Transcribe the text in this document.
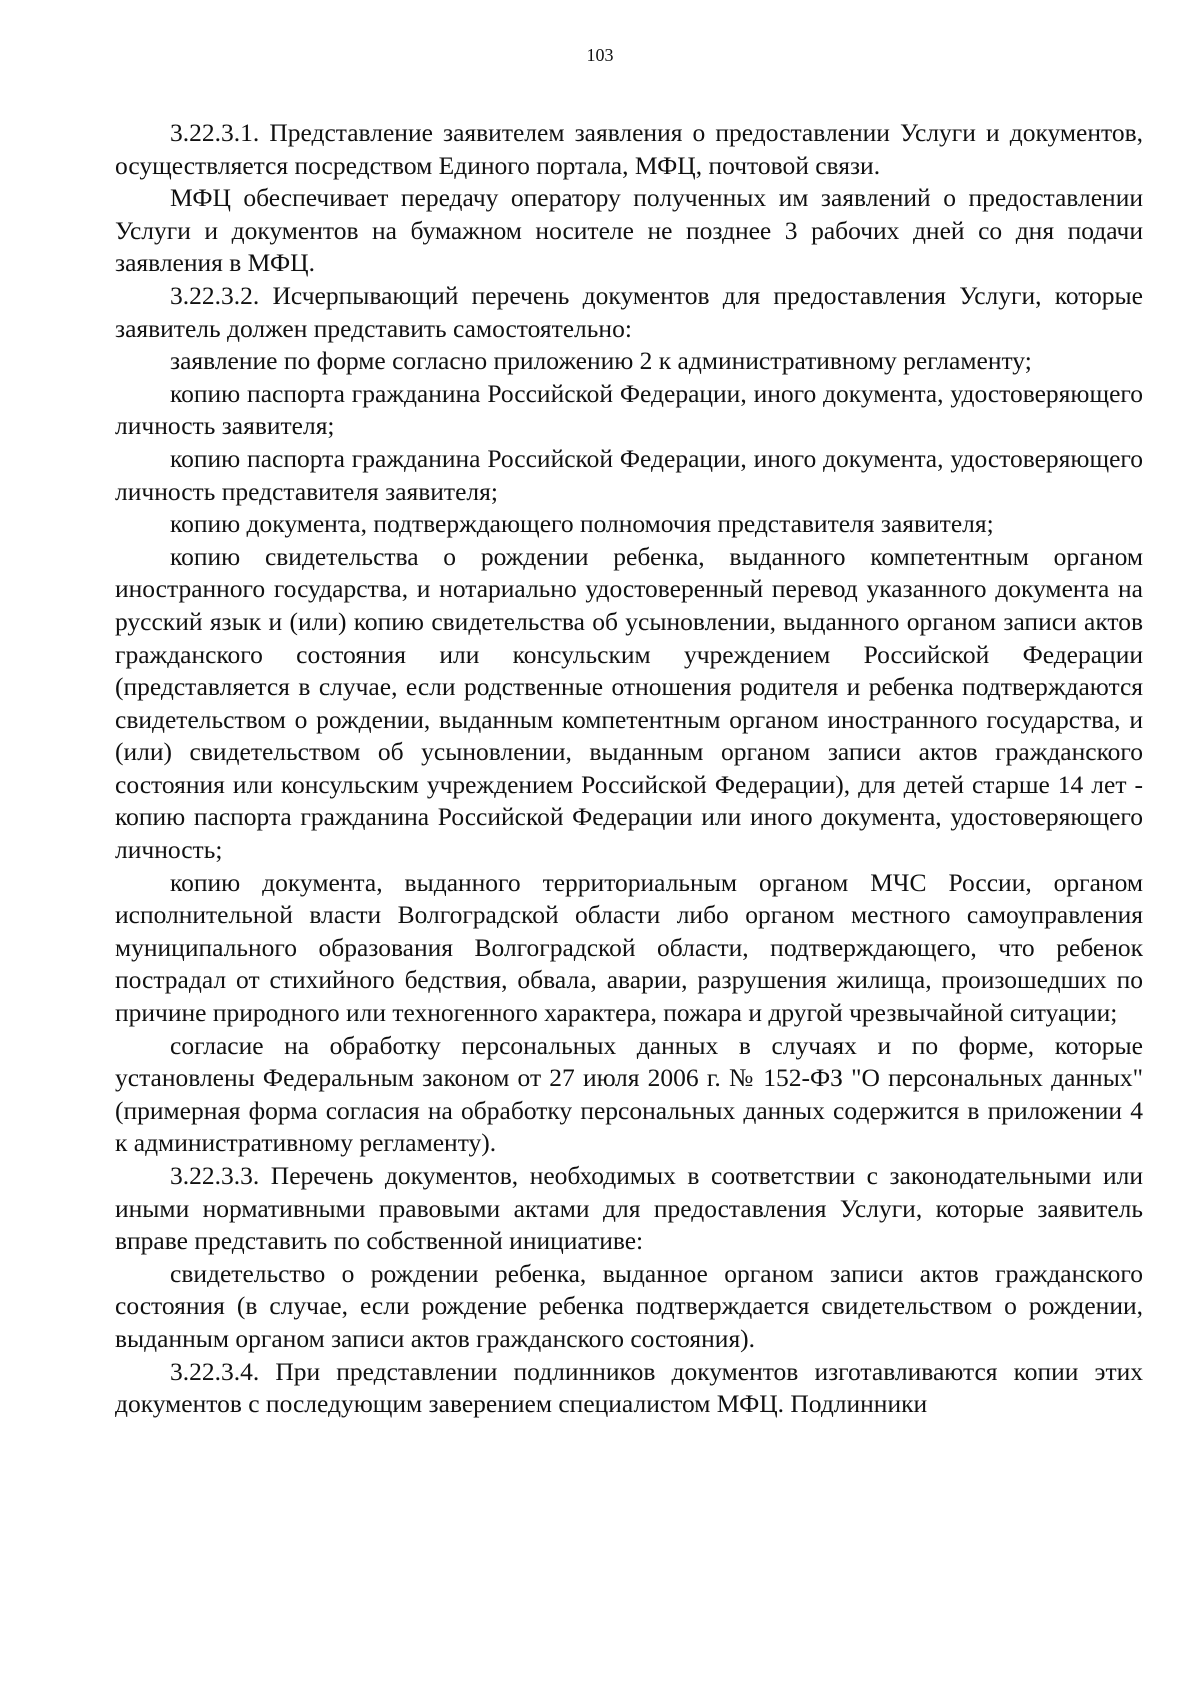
103

3.22.3.1. Представление заявителем заявления о предоставлении Услуги и документов, осуществляется посредством Единого портала, МФЦ, почтовой связи.

МФЦ обеспечивает передачу оператору полученных им заявлений о предоставлении Услуги и документов на бумажном носителе не позднее 3 рабочих дней со дня подачи заявления в МФЦ.

3.22.3.2. Исчерпывающий перечень документов для предоставления Услуги, которые заявитель должен представить самостоятельно:

заявление по форме согласно приложению 2 к административному регламенту;

копию паспорта гражданина Российской Федерации, иного документа, удостоверяющего личность заявителя;

копию паспорта гражданина Российской Федерации, иного документа, удостоверяющего личность представителя заявителя;

копию документа, подтверждающего полномочия представителя заявителя;

копию свидетельства о рождении ребенка, выданного компетентным органом иностранного государства, и нотариально удостоверенный перевод указанного документа на русский язык и (или) копию свидетельства об усыновлении, выданного органом записи актов гражданского состояния или консульским учреждением Российской Федерации (представляется в случае, если родственные отношения родителя и ребенка подтверждаются свидетельством о рождении, выданным компетентным органом иностранного государства, и (или) свидетельством об усыновлении, выданным органом записи актов гражданского состояния или консульским учреждением Российской Федерации), для детей старше 14 лет - копию паспорта гражданина Российской Федерации или иного документа, удостоверяющего личность;

копию документа, выданного территориальным органом МЧС России, органом исполнительной власти Волгоградской области либо органом местного самоуправления муниципального образования Волгоградской области, подтверждающего, что ребенок пострадал от стихийного бедствия, обвала, аварии, разрушения жилища, произошедших по причине природного или техногенного характера, пожара и другой чрезвычайной ситуации;

согласие на обработку персональных данных в случаях и по форме, которые установлены Федеральным законом от 27 июля 2006 г. № 152-ФЗ "О персональных данных" (примерная форма согласия на обработку персональных данных содержится в приложении 4 к административному регламенту).

3.22.3.3. Перечень документов, необходимых в соответствии с законодательными или иными нормативными правовыми актами для предоставления Услуги, которые заявитель вправе представить по собственной инициативе:

свидетельство о рождении ребенка, выданное органом записи актов гражданского состояния (в случае, если рождение ребенка подтверждается свидетельством о рождении, выданным органом записи актов гражданского состояния).

3.22.3.4. При представлении подлинников документов изготавливаются копии этих документов с последующим заверением специалистом МФЦ. Подлинники
